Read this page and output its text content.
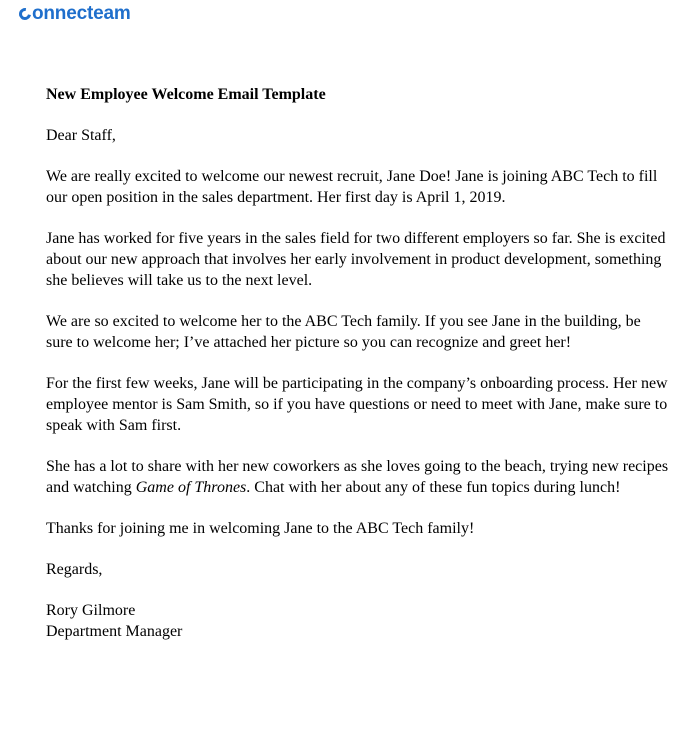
onnecteam
New Employee Welcome Email Template

Dear Staff,

We are really excited to welcome our newest recruit, Jane Doe! Jane is joining ABC Tech to fill our open position in the sales department. Her first day is April 1, 2019.

Jane has worked for five years in the sales field for two different employers so far. She is excited about our new approach that involves her early involvement in product development, something she believes will take us to the next level.

We are so excited to welcome her to the ABC Tech family. If you see Jane in the building, be sure to welcome her; I’ve attached her picture so you can recognize and greet her!

For the first few weeks, Jane will be participating in the company’s onboarding process. Her new employee mentor is Sam Smith, so if you have questions or need to meet with Jane, make sure to speak with Sam first.

She has a lot to share with her new coworkers as she loves going to the beach, trying new recipes and watching Game of Thrones. Chat with her about any of these fun topics during lunch!

Thanks for joining me in welcoming Jane to the ABC Tech family!

Regards,

Rory Gilmore
Department Manager
